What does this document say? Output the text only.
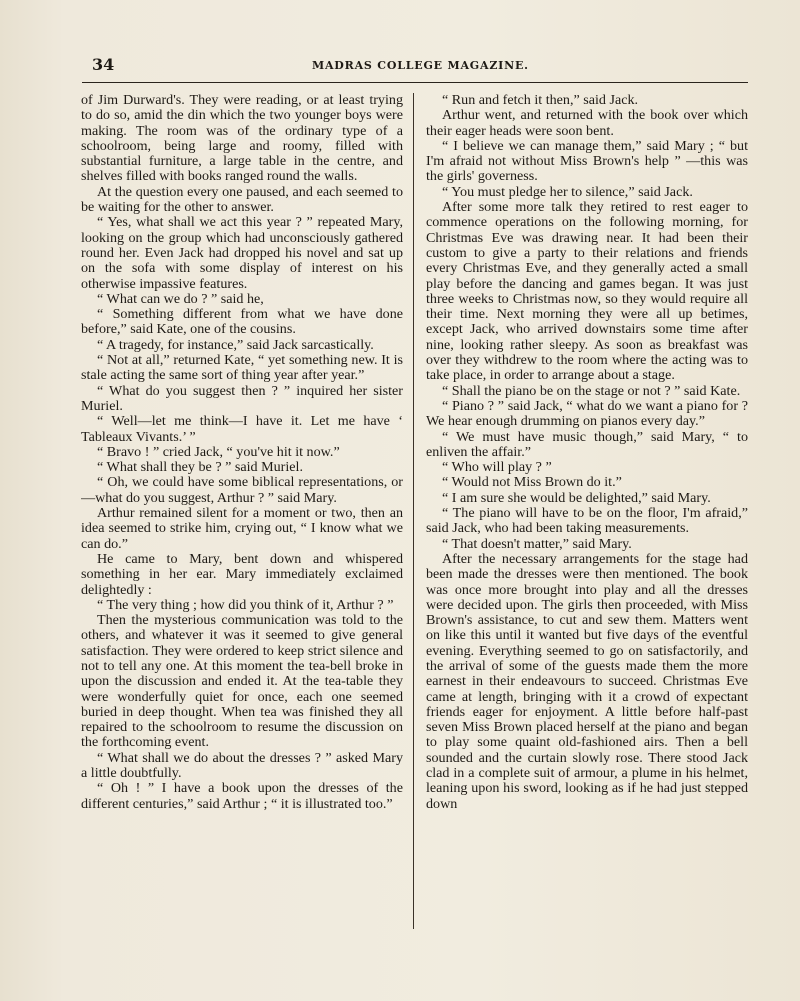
34	MADRAS COLLEGE MAGAZINE.

of Jim Durward's. They were reading, or at least trying to do so, amid the din which the two younger boys were making. The room was of the ordinary type of a schoolroom, being large and roomy, filled with substantial furniture, a large table in the centre, and shelves filled with books ranged round the walls.

At the question every one paused, and each seemed to be waiting for the other to answer.

“ Yes, what shall we act this year ? ” repeated Mary, looking on the group which had unconsciously gathered round her. Even Jack had dropped his novel and sat up on the sofa with some display of interest on his otherwise impassive features.

“ What can we do ? ” said he,

“ Something different from what we have done before,” said Kate, one of the cousins.

“ A tragedy, for instance,” said Jack sarcastically.

“ Not at all,” returned Kate, “ yet something new. It is stale acting the same sort of thing year after year.”

“ What do you suggest then ? ” inquired her sister Muriel.

“ Well—let me think—I have it. Let me have ‘ Tableaux Vivants.’ ”

“ Bravo ! ” cried Jack, “ you've hit it now.”

“ What shall they be ? ” said Muriel.

“ Oh, we could have some biblical representations, or—what do you suggest, Arthur ? ” said Mary.

Arthur remained silent for a moment or two, then an idea seemed to strike him, crying out, “ I know what we can do.”

He came to Mary, bent down and whispered something in her ear. Mary immediately exclaimed delightedly :

“ The very thing ; how did you think of it, Arthur ? ”

Then the mysterious communication was told to the others, and whatever it was it seemed to give general satisfaction. They were ordered to keep strict silence and not to tell any one. At this moment the tea-bell broke in upon the discussion and ended it. At the tea-table they were wonderfully quiet for once, each one seemed buried in deep thought. When tea was finished they all repaired to the schoolroom to resume the discussion on the forthcoming event.

“ What shall we do about the dresses ? ” asked Mary a little doubtfully.

“ Oh ! ” I have a book upon the dresses of the different centuries,” said Arthur ; “ it is illustrated too.”

“ Run and fetch it then,” said Jack.

Arthur went, and returned with the book over which their eager heads were soon bent.

“ I believe we can manage them,” said Mary ; “ but I'm afraid not without Miss Brown's help ” —this was the girls' governess.

“ You must pledge her to silence,” said Jack.

After some more talk they retired to rest eager to commence operations on the following morning, for Christmas Eve was drawing near. It had been their custom to give a party to their relations and friends every Christmas Eve, and they generally acted a small play before the dancing and games began. It was just three weeks to Christmas now, so they would require all their time. Next morning they were all up betimes, except Jack, who arrived downstairs some time after nine, looking rather sleepy. As soon as breakfast was over they withdrew to the room where the acting was to take place, in order to arrange about a stage.

“ Shall the piano be on the stage or not ? ” said Kate.

“ Piano ? ” said Jack, “ what do we want a piano for ? We hear enough drumming on pianos every day.”

“ We must have music though,” said Mary, “ to enliven the affair.”

“ Who will play ? ”

“ Would not Miss Brown do it.”

“ I am sure she would be delighted,” said Mary.

“ The piano will have to be on the floor, I'm afraid,” said Jack, who had been taking measurements.

“ That doesn't matter,” said Mary.

After the necessary arrangements for the stage had been made the dresses were then mentioned. The book was once more brought into play and all the dresses were decided upon. The girls then proceeded, with Miss Brown's assistance, to cut and sew them. Matters went on like this until it wanted but five days of the eventful evening. Everything seemed to go on satisfactorily, and the arrival of some of the guests made them the more earnest in their endeavours to succeed. Christmas Eve came at length, bringing with it a crowd of expectant friends eager for enjoyment. A little before half-past seven Miss Brown placed herself at the piano and began to play some quaint old-fashioned airs. Then a bell sounded and the curtain slowly rose. There stood Jack clad in a complete suit of armour, a plume in his helmet, leaning upon his sword, looking as if he had just stepped down
